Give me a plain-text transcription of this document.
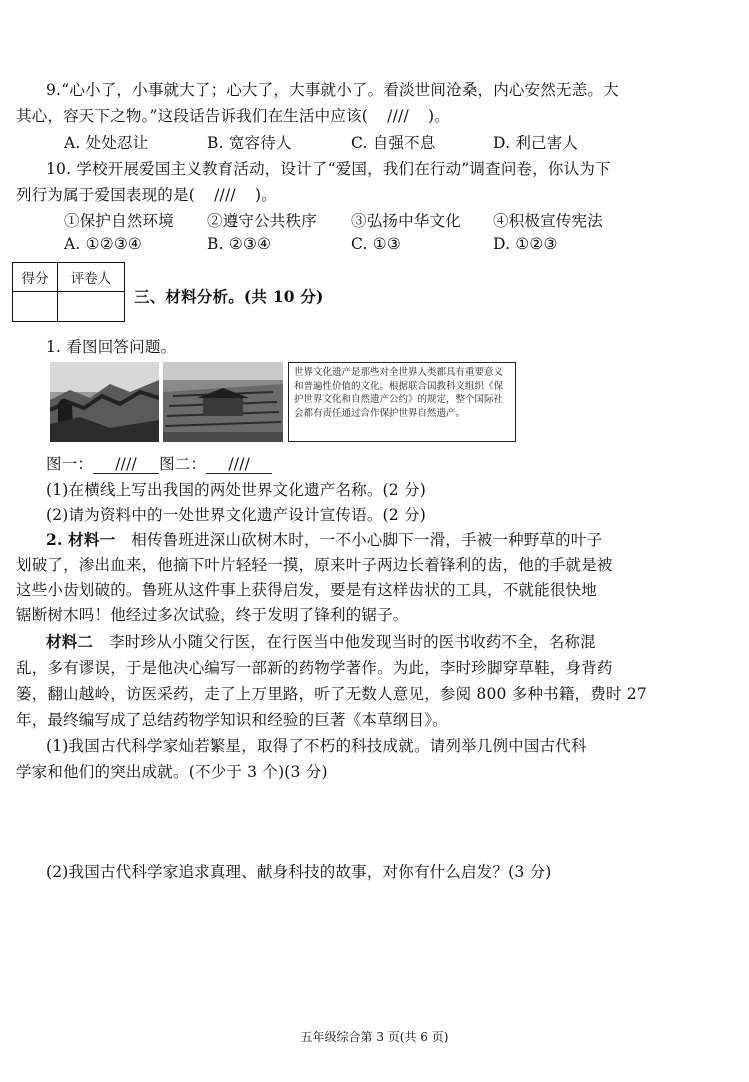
9.“心小了，小事就大了；心大了，大事就小了。看淡世间沧桑，内心安然无恙。大
其心，容天下之物。”这段话告诉我们在生活中应该( //// )。
A. 处处忍让	B. 宽容待人	C. 自强不息	D. 利己害人
10. 学校开展爱国主义教育活动，设计了“爱国，我们在行动”调查问卷，你认为下
列行为属于爱国表现的是( //// )。
①保护自然环境 ②遵守公共秩序 ③弘扬中华文化 ④积极宣传宪法
A. ①②③④	B. ②③④	C. ①③	D. ①②③
得分	评卷人
三、材料分析。(共 10 分)
1. 看图回答问题。
世界文化遗产是那些对全世界人类都具有重要意义和普遍性价值的文化。根据联合国教科文组织《保护世界文化和自然遗产公约》的规定，整个国际社会都有责任通过合作保护世界自然遗产。
图一： //// 图二： ////
(1)在横线上写出我国的两处世界文化遗产名称。(2 分)
(2)请为资料中的一处世界文化遗产设计宣传语。(2 分)
2. 材料一 相传鲁班进深山砍树木时，一不小心脚下一滑，手被一种野草的叶子
划破了，渗出血来，他摘下叶片轻轻一摸，原来叶子两边长着锋利的齿，他的手就是被
这些小齿划破的。鲁班从这件事上获得启发，要是有这样齿状的工具，不就能很快地
锯断树木吗！他经过多次试验，终于发明了锋利的锯子。
材料二 李时珍从小随父行医，在行医当中他发现当时的医书收药不全，名称混
乱，多有谬误，于是他决心编写一部新的药物学著作。为此，李时珍脚穿草鞋，身背药
篓，翻山越岭，访医采药，走了上万里路，听了无数人意见，参阅 800 多种书籍，费时 27
年，最终编写成了总结药物学知识和经验的巨著《本草纲目》。
(1)我国古代科学家灿若繁星，取得了不朽的科技成就。请列举几例中国古代科
学家和他们的突出成就。(不少于 3 个)(3 分)
(2)我国古代科学家追求真理、献身科技的故事，对你有什么启发？(3 分)
五年级综合第 3 页(共 6 页)
